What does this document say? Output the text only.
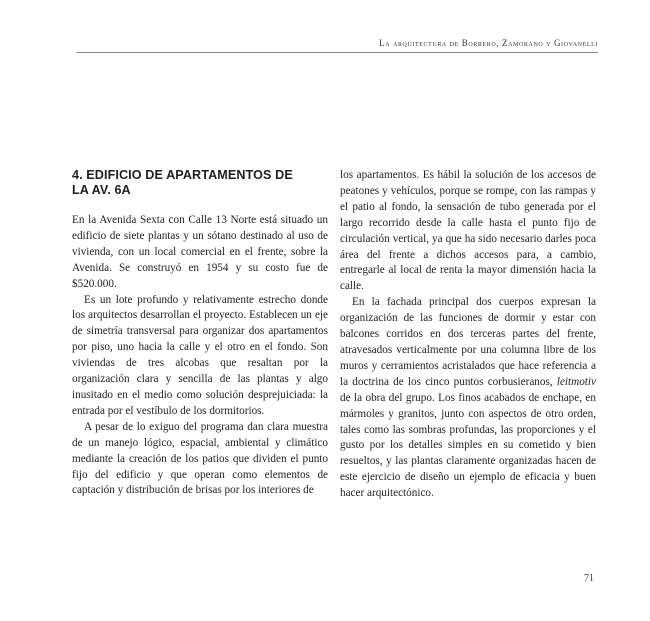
La arquitectura de Borrero, Zamorano y Giovanelli
4. EDIFICIO DE APARTAMENTOS DE
LA AV. 6A

En la Avenida Sexta con Calle 13 Norte está situado un edificio de siete plantas y un sótano destinado al uso de vivienda, con un local comercial en el frente, sobre la Avenida. Se construyó en 1954 y su costo fue de $520.000.

Es un lote profundo y relativamente estrecho donde los arquitectos desarrollan el proyecto. Establecen un eje de simetría transversal para organizar dos apartamentos por piso, uno hacia la calle y el otro en el fondo. Son viviendas de tres alcobas que resaltan por la organización clara y sencilla de las plantas y algo inusitado en el medio como solución desprejuiciada: la entrada por el vestíbulo de los dormitorios.

A pesar de lo exiguo del programa dan clara muestra de un manejo lógico, espacial, ambiental y climático mediante la creación de los patios que dividen el punto fijo del edificio y que operan como elementos de captación y distribución de brisas por los interiores de

los apartamentos. Es hábil la solución de los accesos de peatones y vehículos, porque se rompe, con las rampas y el patio al fondo, la sensación de tubo generada por el largo recorrido desde la calle hasta el punto fijo de circulación vertical, ya que ha sido necesario darles poca área del frente a dichos accesos para, a cambio, entregarle al local de renta la mayor dimensión hacia la calle.

En la fachada principal dos cuerpos expresan la organización de las funciones de dormir y estar con balcones corridos en dos terceras partes del frente, atravesados verticalmente por una columna libre de los muros y cerramientos acristalados que hace referencia a la doctrina de los cinco puntos corbusieranos, leitmotiv de la obra del grupo. Los finos acabados de enchape, en mármoles y granitos, junto con aspectos de otro orden, tales como las sombras profundas, las proporciones y el gusto por los detalles simples en su cometido y bien resueltos, y las plantas claramente organizadas hacen de este ejercicio de diseño un ejemplo de eficacia y buen hacer arquitectónico.

71
